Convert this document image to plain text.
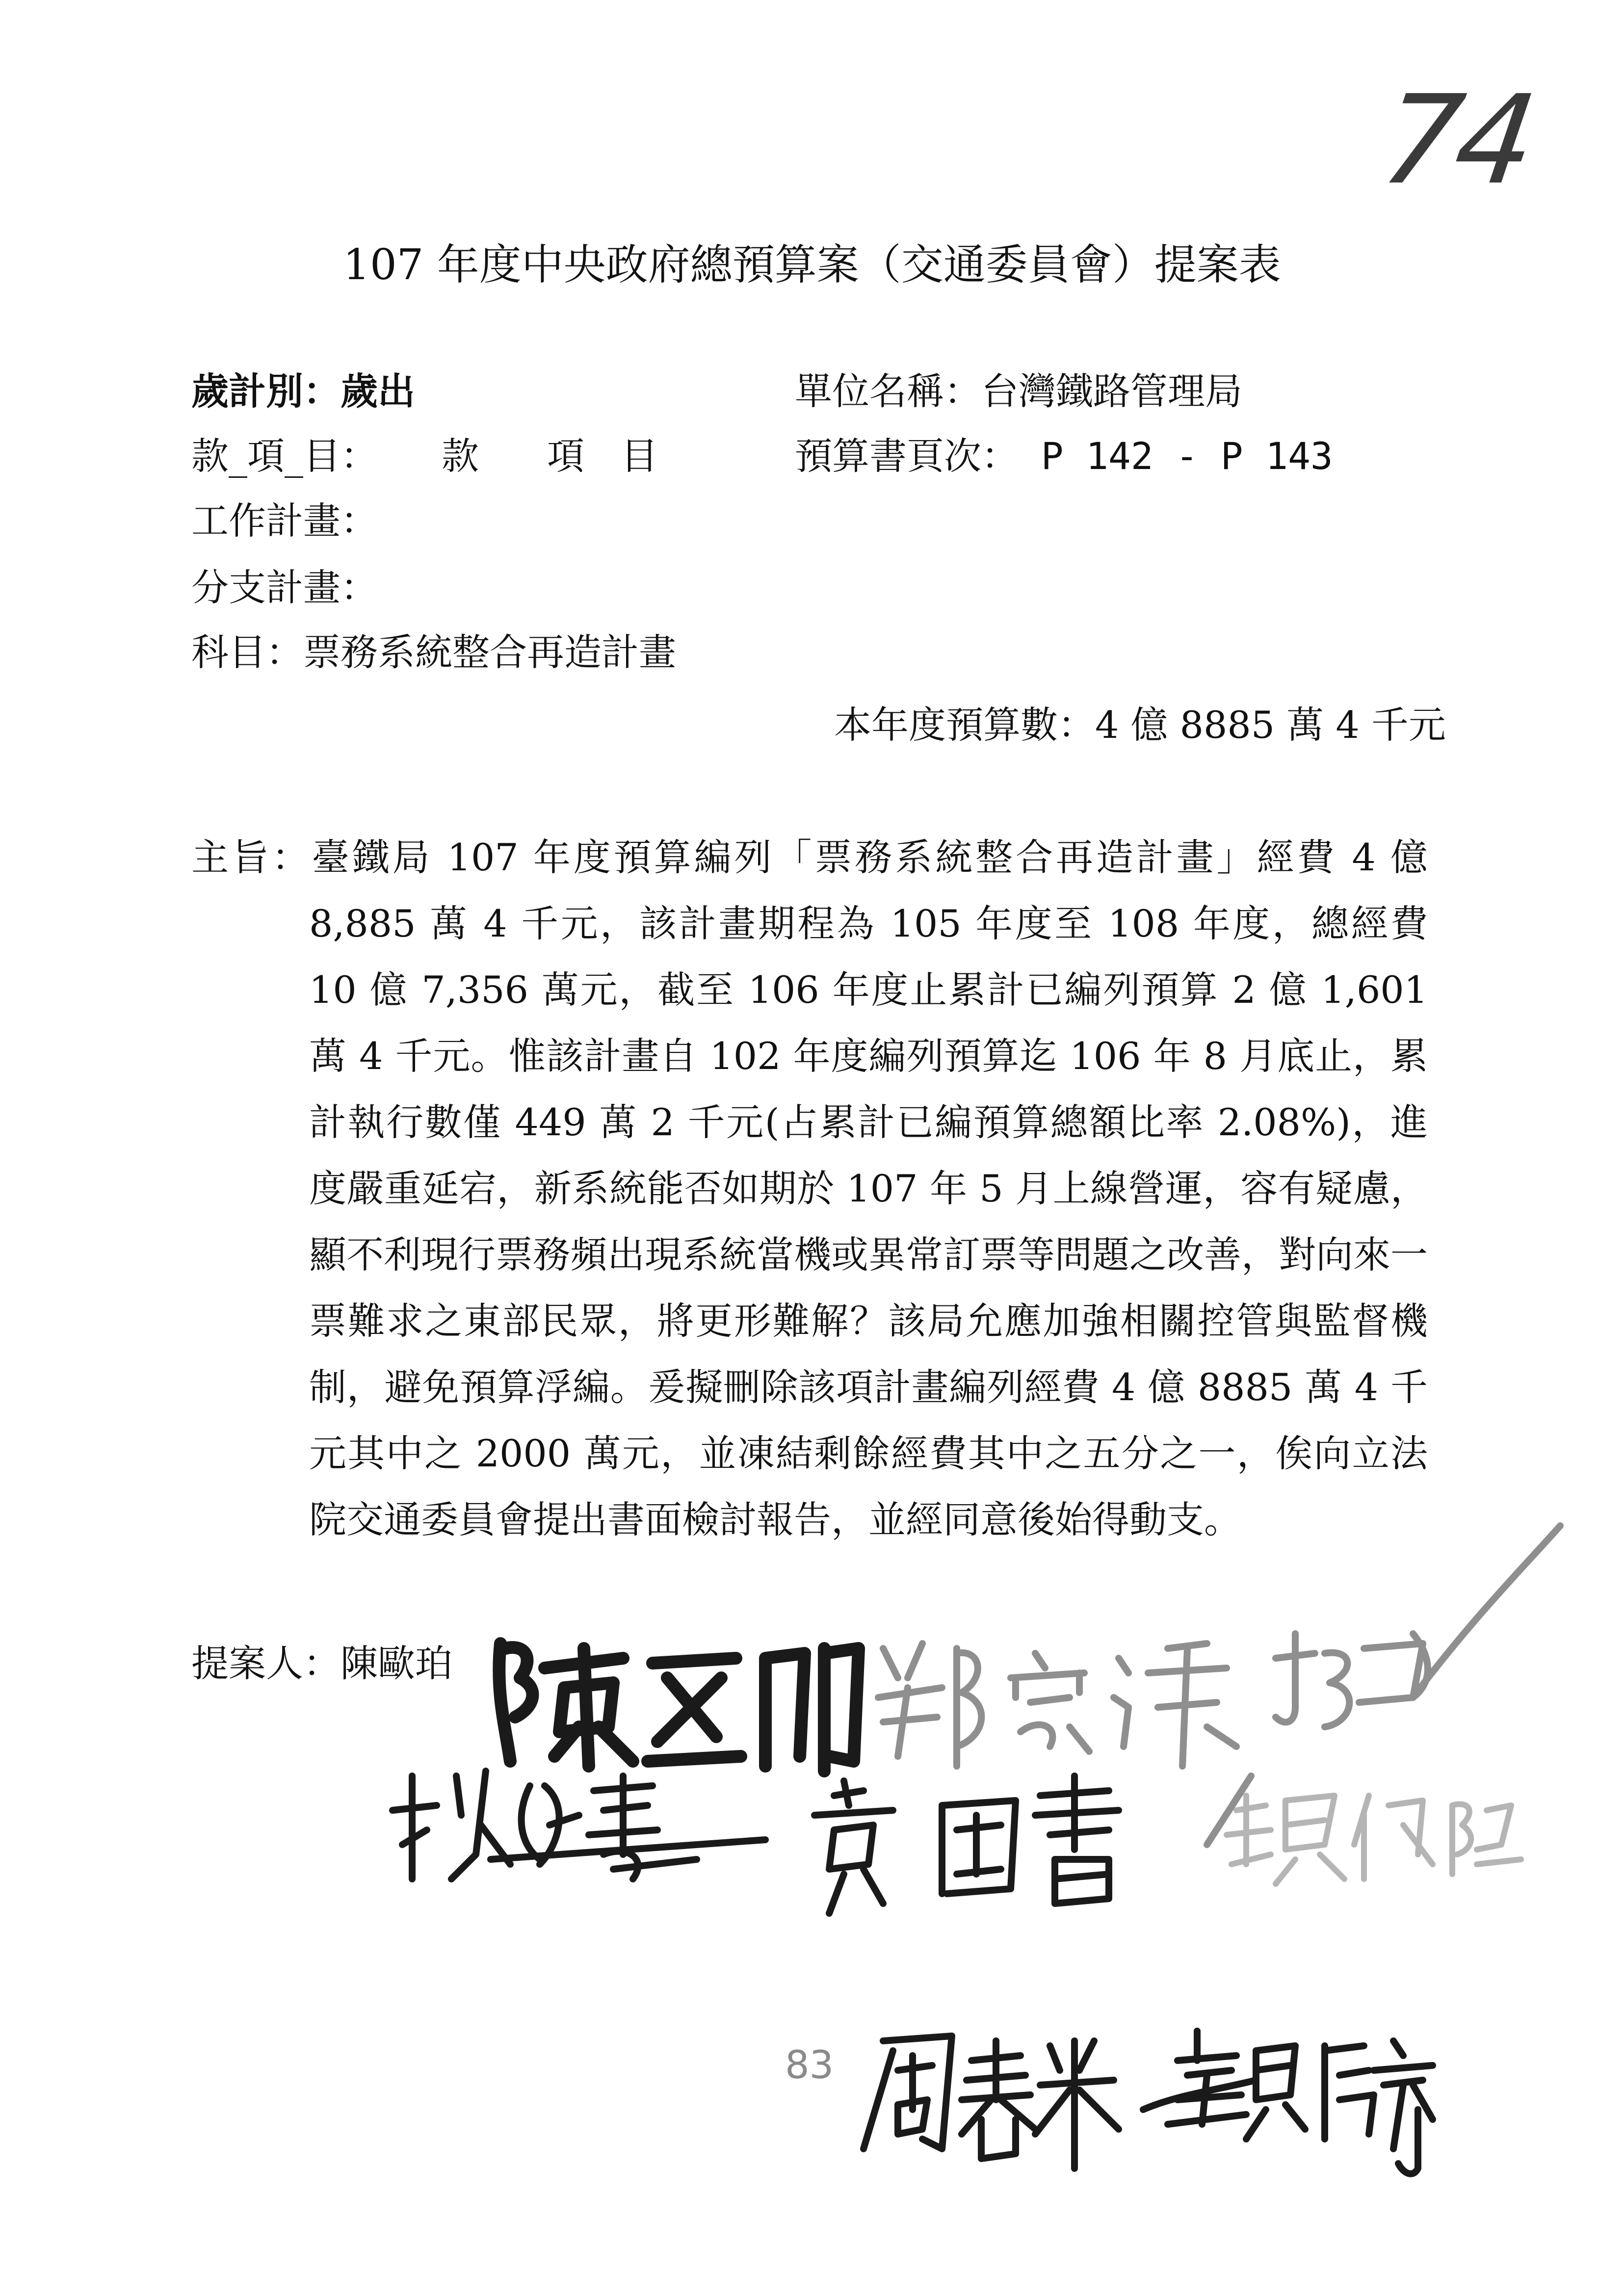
74
107 年度中央政府總預算案（交通委員會）提案表
歲計別：歲出	單位名稱：台灣鐵路管理局
款_項_目： 款 項 目	預算書頁次： P 142 - P 143
工作計畫：
分支計畫：
科目：票務系統整合再造計畫
本年度預算數：4 億 8885 萬 4 千元
主旨：臺鐵局 107 年度預算編列「票務系統整合再造計畫」經費 4 億 8,885 萬 4 千元，該計畫期程為 105 年度至 108 年度，總經費 10 億 7,356 萬元，截至 106 年度止累計已編列預算 2 億 1,601 萬 4 千元。惟該計畫自 102 年度編列預算迄 106 年 8 月底止，累計執行數僅 449 萬 2 千元(占累計已編預算總額比率 2.08%)，進度嚴重延宕，新系統能否如期於 107 年 5 月上線營運，容有疑慮，顯不利現行票務頻出現系統當機或異常訂票等問題之改善，對向來一票難求之東部民眾，將更形難解？該局允應加強相關控管與監督機制，避免預算浮編。爰擬刪除該項計畫編列經費 4 億 8885 萬 4 千元其中之 2000 萬元，並凍結剩餘經費其中之五分之一，俟向立法院交通委員會提出書面檢討報告，並經同意後始得動支。
提案人：陳歐珀
83
